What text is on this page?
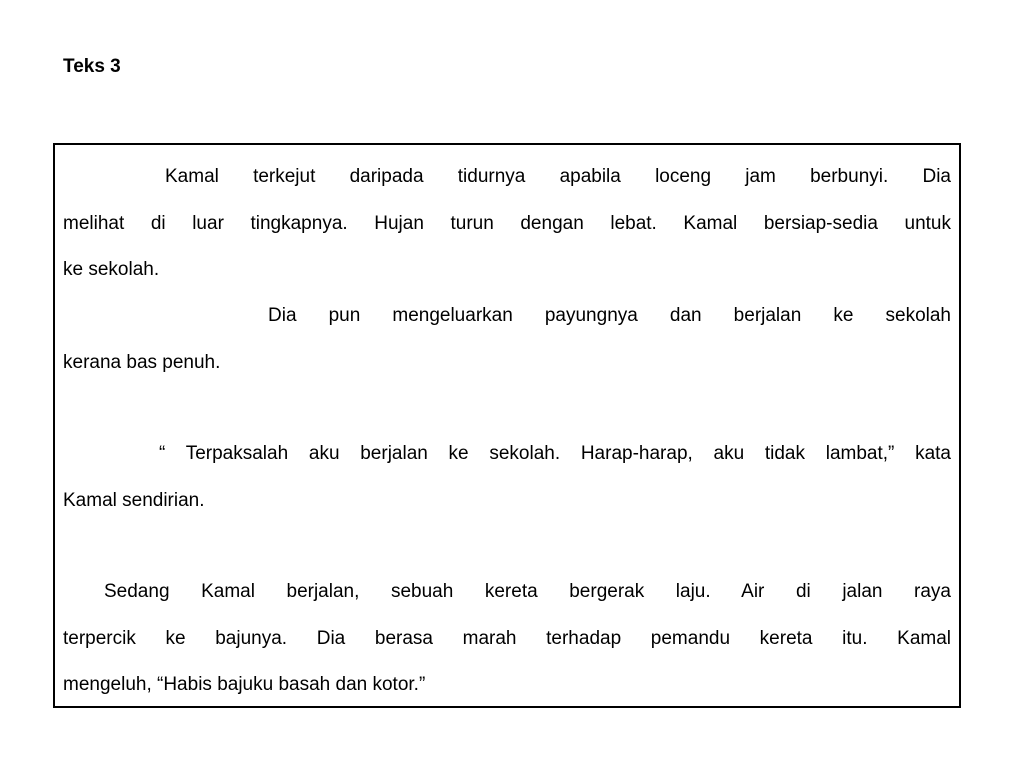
Teks 3
Kamal terkejut daripada tidurnya apabila loceng jam berbunyi. Dia
melihat di luar tingkapnya. Hujan turun dengan lebat. Kamal bersiap-sedia untuk
ke sekolah.
Dia pun mengeluarkan payungnya dan berjalan ke sekolah
kerana bas penuh.
“ Terpaksalah aku berjalan ke sekolah. Harap-harap, aku tidak lambat,” kata
Kamal sendirian.
Sedang Kamal berjalan, sebuah kereta bergerak laju. Air di jalan raya
terpercik ke bajunya. Dia berasa marah terhadap pemandu kereta itu. Kamal
mengeluh, “Habis bajuku basah dan kotor.”
